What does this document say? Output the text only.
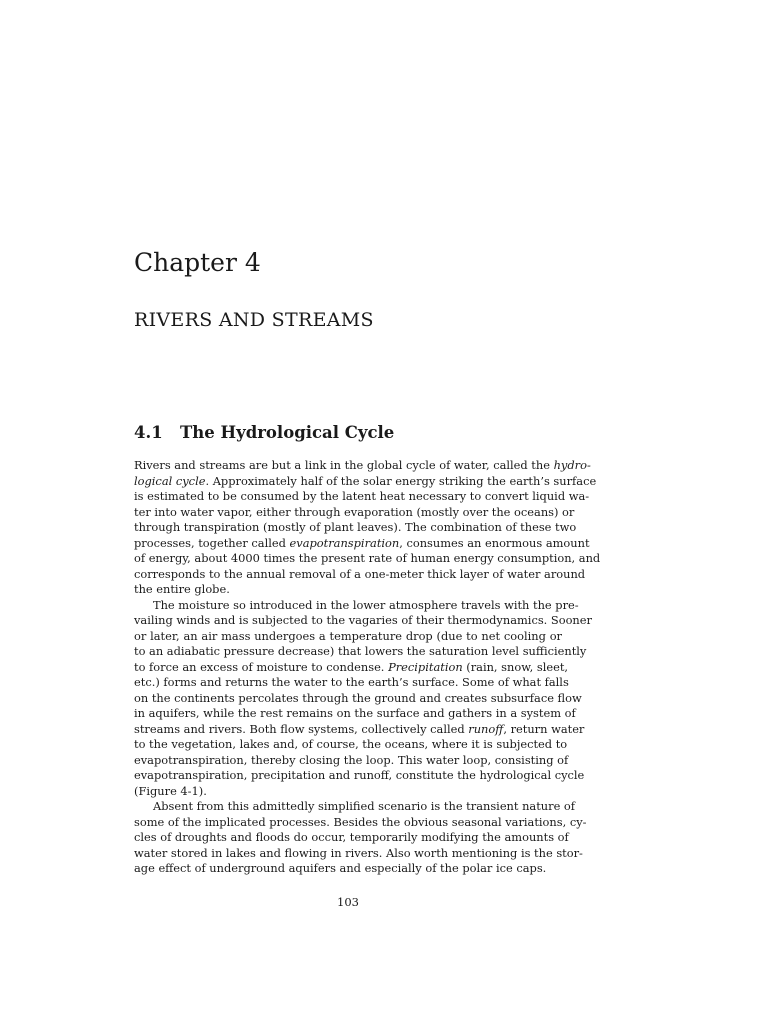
Chapter 4
RIVERS AND STREAMS
4.1 The Hydrological Cycle
Rivers and streams are but a link in the global cycle of water, called the hydro-
logical cycle. Approximately half of the solar energy striking the earth’s surface
is estimated to be consumed by the latent heat necessary to convert liquid wa-
ter into water vapor, either through evaporation (mostly over the oceans) or
through transpiration (mostly of plant leaves). The combination of these two
processes, together called evapotranspiration, consumes an enormous amount
of energy, about 4000 times the present rate of human energy consumption, and
corresponds to the annual removal of a one-meter thick layer of water around
the entire globe.
The moisture so introduced in the lower atmosphere travels with the pre-
vailing winds and is subjected to the vagaries of their thermodynamics. Sooner
or later, an air mass undergoes a temperature drop (due to net cooling or
to an adiabatic pressure decrease) that lowers the saturation level sufficiently
to force an excess of moisture to condense. Precipitation (rain, snow, sleet,
etc.) forms and returns the water to the earth’s surface. Some of what falls
on the continents percolates through the ground and creates subsurface flow
in aquifers, while the rest remains on the surface and gathers in a system of
streams and rivers. Both flow systems, collectively called runoff, return water
to the vegetation, lakes and, of course, the oceans, where it is subjected to
evapotranspiration, thereby closing the loop. This water loop, consisting of
evapotranspiration, precipitation and runoff, constitute the hydrological cycle
(Figure 4-1).
Absent from this admittedly simplified scenario is the transient nature of
some of the implicated processes. Besides the obvious seasonal variations, cy-
cles of droughts and floods do occur, temporarily modifying the amounts of
water stored in lakes and flowing in rivers. Also worth mentioning is the stor-
age effect of underground aquifers and especially of the polar ice caps.
103
